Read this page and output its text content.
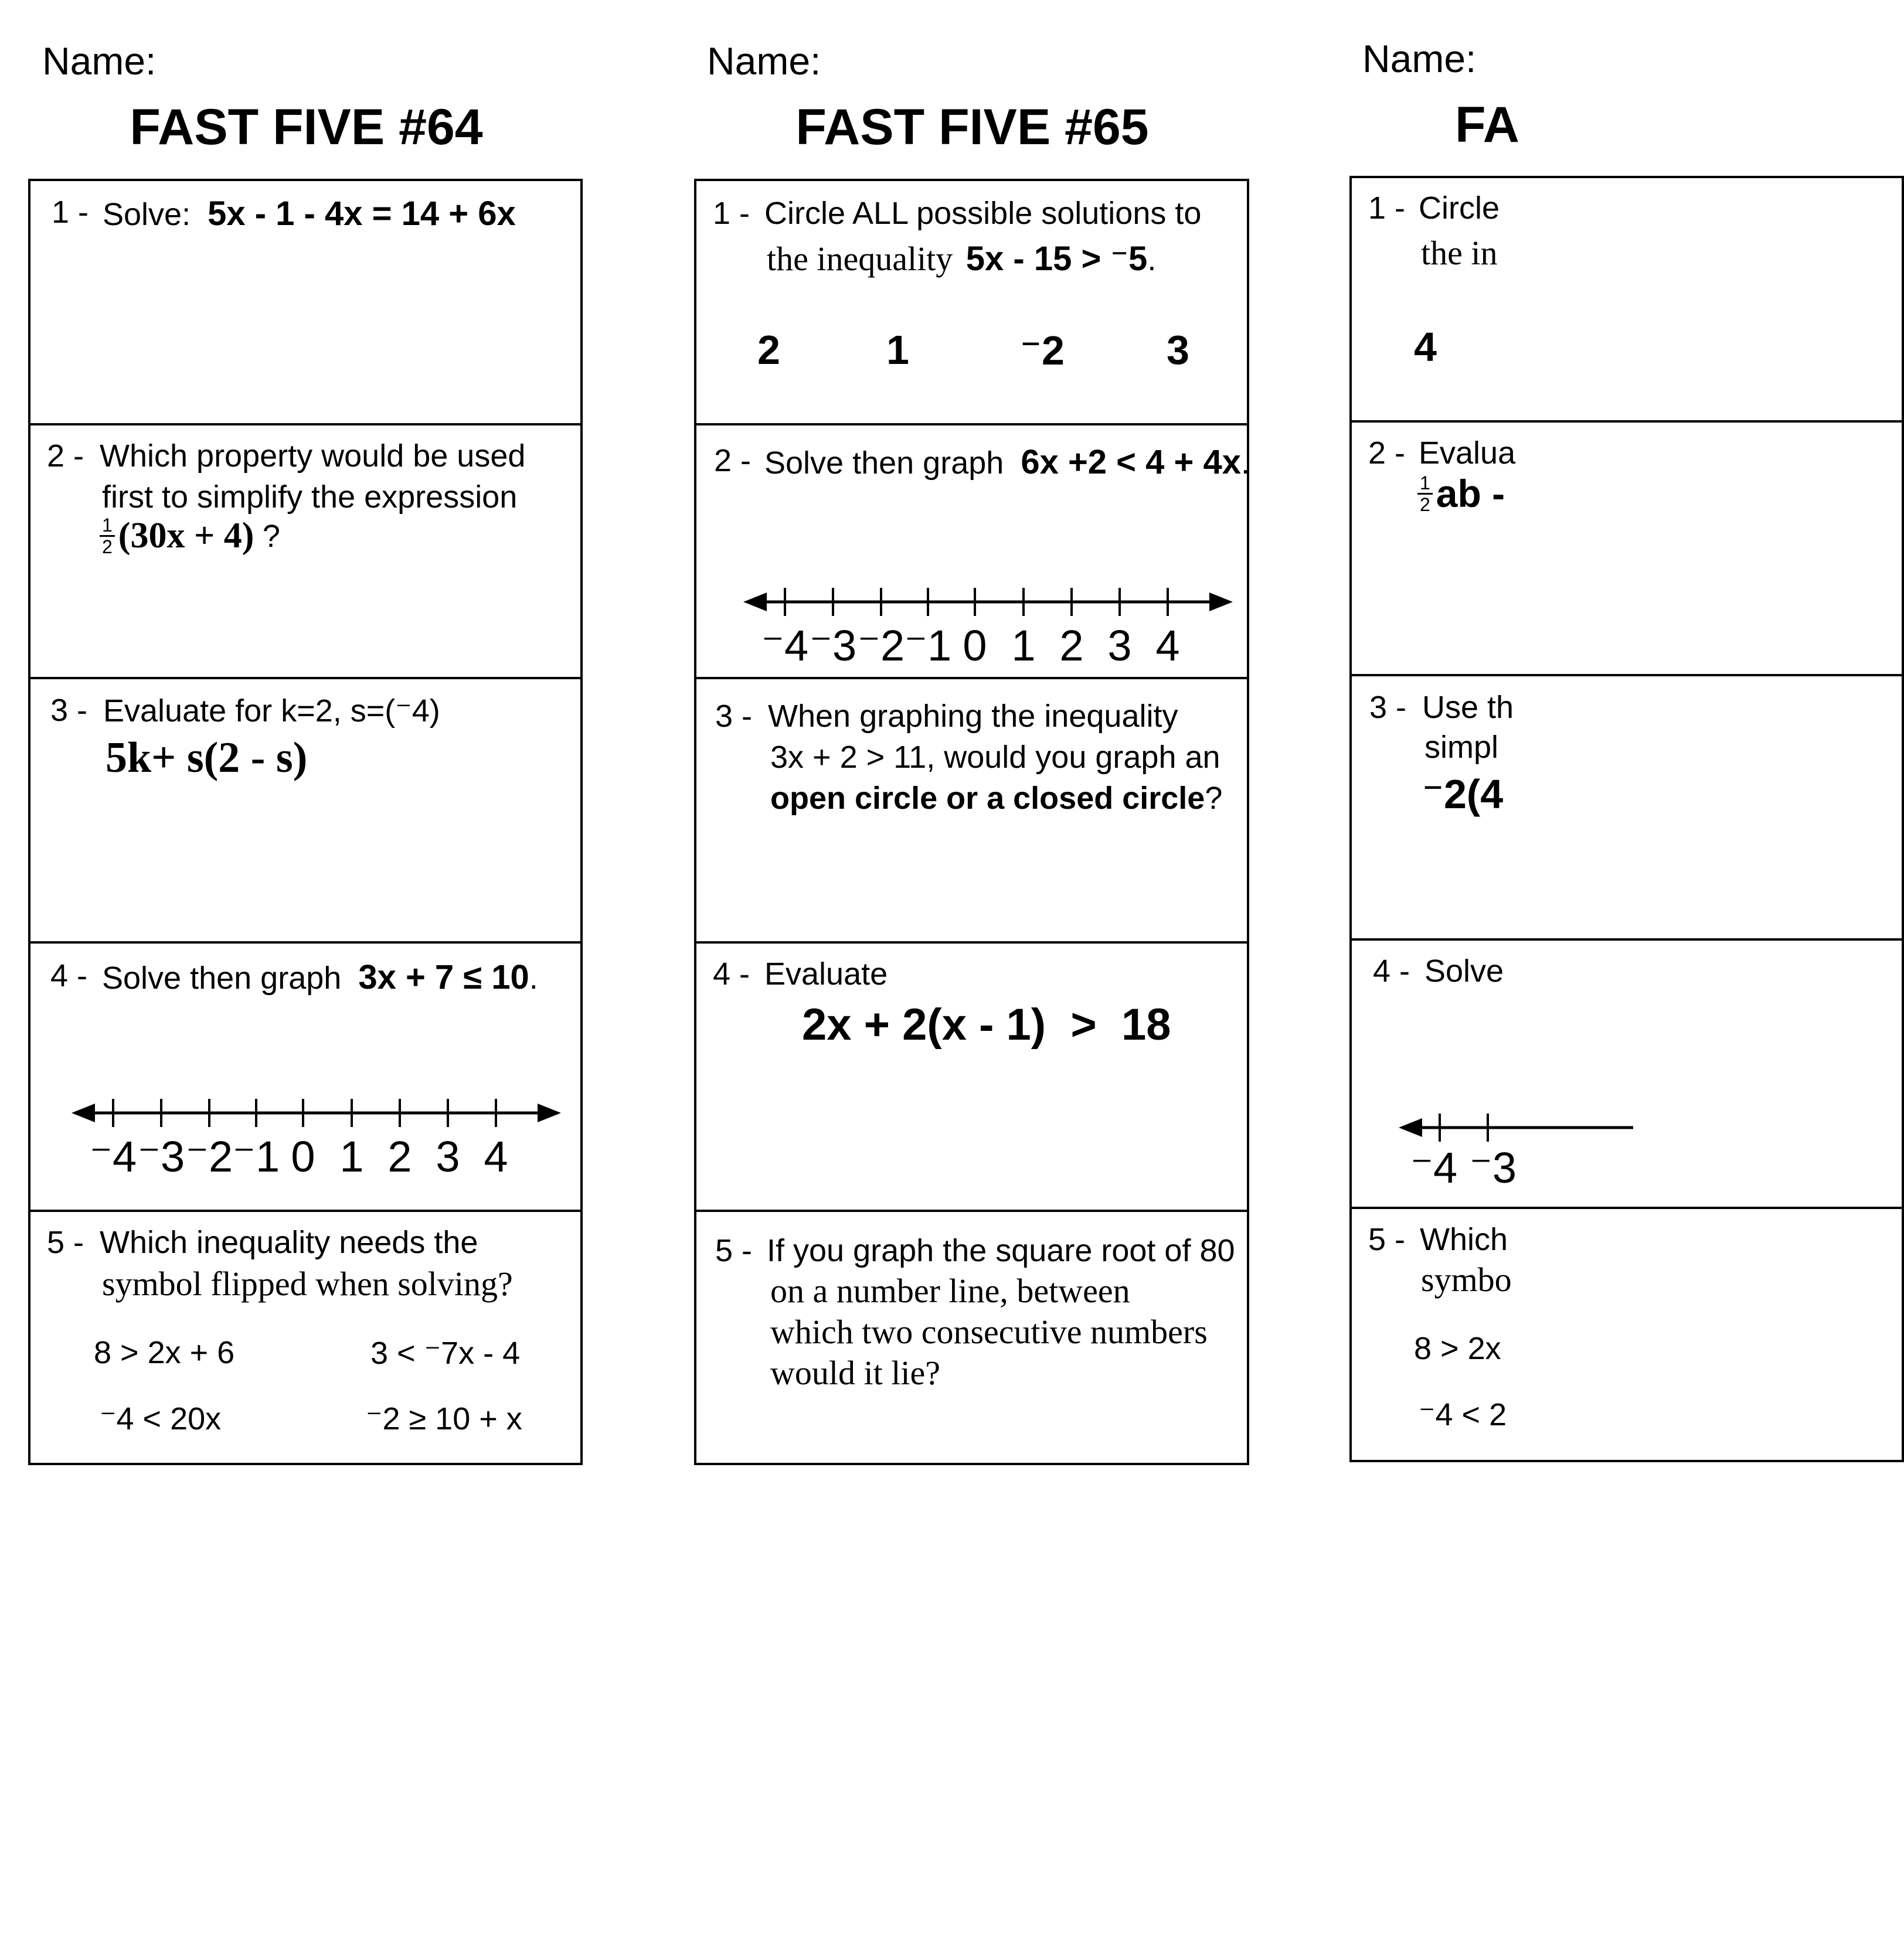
Name:
FAST FIVE #64
1 - Solve: 5x - 1 - 4x = 14 + 6x
2 - Which property would be used
first to simplify the expression
$\frac{1}{2} (30x + 4)$ ?
3 - Evaluate for k=2, s=(⁻4)
5k+ s(2 - s)
4 - Solve then graph 3x + 7 ≤ 10.
⁻4 ⁻3 ⁻2 ⁻1 0 1 2 3 4
5 - Which inequality needs the
symbol flipped when solving?
8 > 2x + 6	3 < ⁻7x - 4
⁻4 < 20x	⁻2 ≥ 10 + x
Name:
FAST FIVE #65
1 - Circle ALL possible solutions to
the inequality 5x - 15 > ⁻5.
2	1	⁻2 3
2 - Solve then graph 6x +2 < 4 + 4x.
⁻4 ⁻3 ⁻2 ⁻1 0 1 2 3 4
3 - When graphing the inequality
3x + 2 > 11, would you graph an
open circle or a closed circle?
4 - Evaluate
2x + 2(x - 1)  >  18
5 - If you graph the square root of 80
on a number line, between
which two consecutive numbers
would it lie?
Name:
FA
1 - Circle
the in
4
2 - Evalua
$\frac{1}{2}$ ab -
3 - Use th
simpl
⁻2(4
4 - Solve
⁻4 ⁻3
5 - Which
symbo
8 > 2x
⁻4 < 2
